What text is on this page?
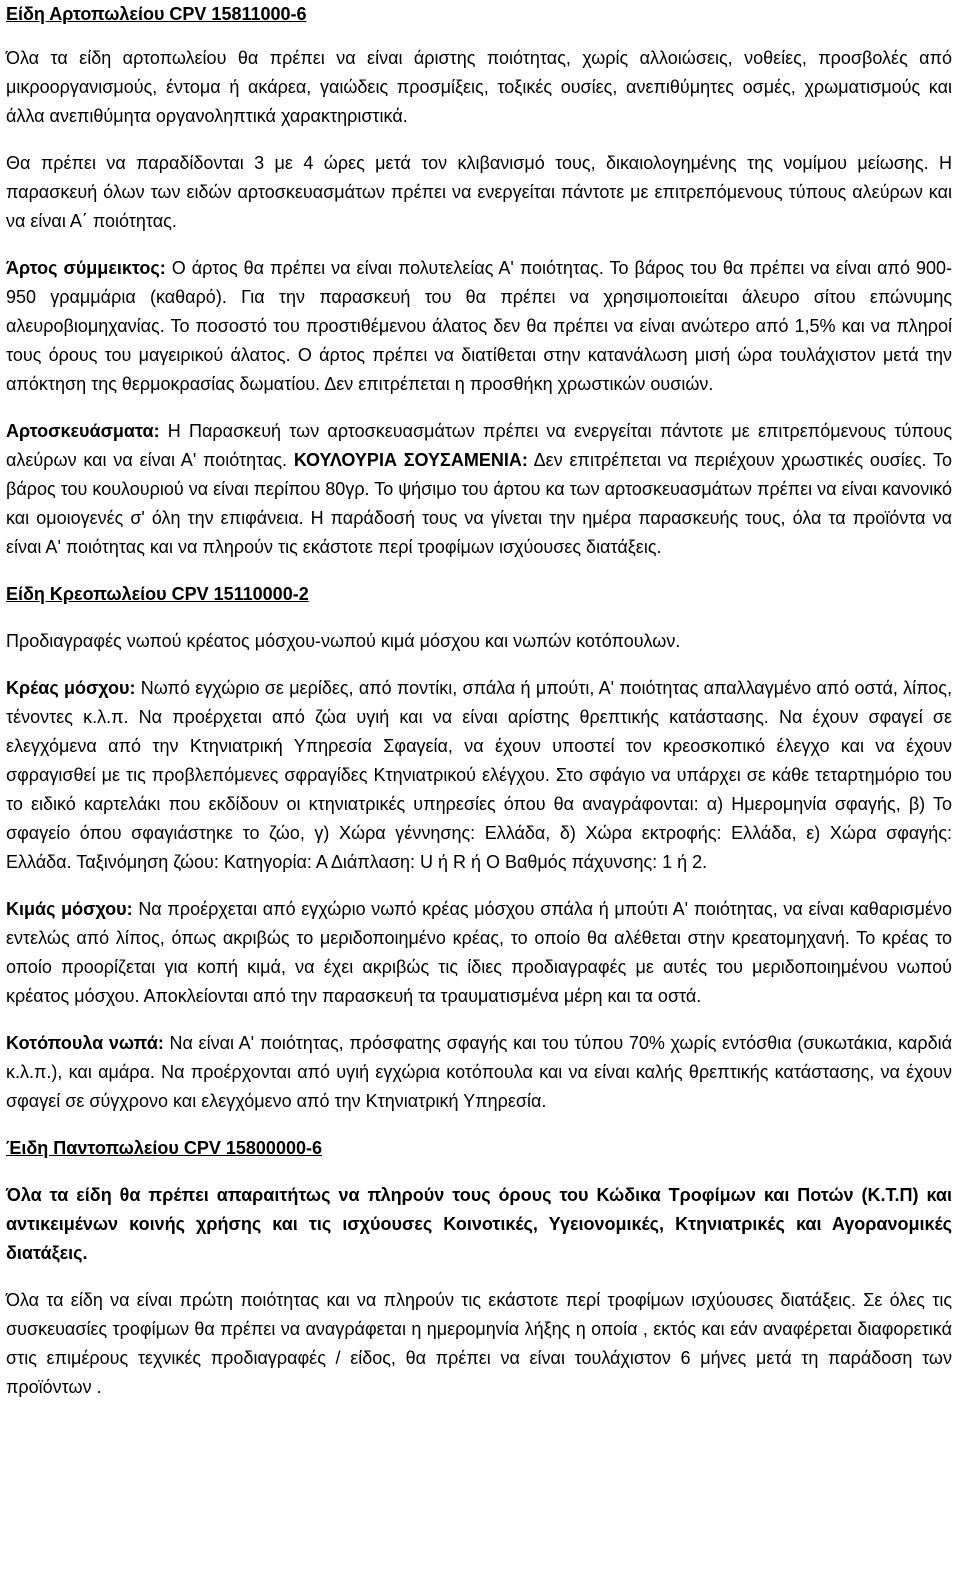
Είδη Αρτοπωλείου CPV 15811000-6

Όλα τα είδη αρτοπωλείου θα πρέπει να είναι άριστης ποιότητας, χωρίς αλλοιώσεις, νοθείες, προσβολές από μικροοργανισμούς, έντομα ή ακάρεα, γαιώδεις προσμίξεις, τοξικές ουσίες, ανεπιθύμητες οσμές, χρωματισμούς και άλλα ανεπιθύμητα οργανοληπτικά χαρακτηριστικά.

Θα πρέπει να παραδίδονται 3 με 4 ώρες μετά τον κλιβανισμό τους, δικαιολογημένης της νομίμου μείωσης. Η παρασκευή όλων των ειδών αρτοσκευασμάτων πρέπει να ενεργείται πάντοτε με επιτρεπόμενους τύπους αλεύρων και να είναι Α΄ ποιότητας.

Άρτος σύμμεικτος: Ο άρτος θα πρέπει να είναι πολυτελείας Α' ποιότητας. Το βάρος του θα πρέπει να είναι από 900-950 γραμμάρια (καθαρό). Για την παρασκευή του θα πρέπει να χρησιμοποιείται άλευρο σίτου επώνυμης αλευροβιομηχανίας. Το ποσοστό του προστιθέμενου άλατος δεν θα πρέπει να είναι ανώτερο από 1,5% και να πληροί τους όρους του μαγειρικού άλατος. Ο άρτος πρέπει να διατίθεται στην κατανάλωση μισή ώρα τουλάχιστον μετά την απόκτηση της θερμοκρασίας δωματίου. Δεν επιτρέπεται η προσθήκη χρωστικών ουσιών.

Αρτοσκευάσματα: Η Παρασκευή των αρτοσκευασμάτων πρέπει να ενεργείται πάντοτε με επιτρεπόμενους τύπους αλεύρων και να είναι Α' ποιότητας. ΚΟΥΛΟΥΡΙΑ ΣΟΥΣΑΜΕΝΙΑ: Δεν επιτρέπεται να περιέχουν χρωστικές ουσίες. Το βάρος του κουλουριού να είναι περίπου 80γρ. Το ψήσιμο του άρτου κα των αρτοσκευασμάτων πρέπει να είναι κανονικό και ομοιογενές σ' όλη την επιφάνεια. Η παράδοσή τους να γίνεται την ημέρα παρασκευής τους, όλα τα προϊόντα να είναι Α' ποιότητας και να πληρούν τις εκάστοτε περί τροφίμων ισχύουσες διατάξεις.

Είδη Κρεοπωλείου CPV 15110000-2

Προδιαγραφές νωπού κρέατος μόσχου-νωπού κιμά μόσχου και νωπών κοτόπουλων.

Κρέας μόσχου: Νωπό εγχώριο σε μερίδες, από ποντίκι, σπάλα ή μπούτι, Α' ποιότητας απαλλαγμένο από οστά, λίπος, τένοντες κ.λ.π. Να προέρχεται από ζώα υγιή και να είναι αρίστης θρεπτικής κατάστασης. Να έχουν σφαγεί σε ελεγχόμενα από την Κτηνιατρική Υπηρεσία Σφαγεία, να έχουν υποστεί τον κρεοσκοπικό έλεγχο και να έχουν σφραγισθεί με τις προβλεπόμενες σφραγίδες Κτηνιατρικού ελέγχου. Στο σφάγιο να υπάρχει σε κάθε τεταρτημόριο του το ειδικό καρτελάκι που εκδίδουν οι κτηνιατρικές υπηρεσίες όπου θα αναγράφονται: α) Ημερομηνία σφαγής, β) Το σφαγείο όπου σφαγιάστηκε το ζώο, γ) Χώρα γέννησης: Ελλάδα, δ) Χώρα εκτροφής: Ελλάδα, ε) Χώρα σφαγής: Ελλάδα. Ταξινόμηση ζώου: Κατηγορία: Α Διάπλαση: U ή R ή O Βαθμός πάχυνσης: 1 ή 2.

Κιμάς μόσχου: Να προέρχεται από εγχώριο νωπό κρέας μόσχου σπάλα ή μπούτι Α' ποιότητας, να είναι καθαρισμένο εντελώς από λίπος, όπως ακριβώς το μεριδοποιημένο κρέας, το οποίο θα αλέθεται στην κρεατομηχανή. Το κρέας το οποίο προορίζεται για κοπή κιμά, να έχει ακριβώς τις ίδιες προδιαγραφές με αυτές του μεριδοποιημένου νωπού κρέατος μόσχου. Αποκλείονται από την παρασκευή τα τραυματισμένα μέρη και τα οστά.

Κοτόπουλα νωπά: Να είναι Α' ποιότητας, πρόσφατης σφαγής και του τύπου 70% χωρίς εντόσθια (συκωτάκια, καρδιά κ.λ.π.), και αμάρα. Να προέρχονται από υγιή εγχώρια κοτόπουλα και να είναι καλής θρεπτικής κατάστασης, να έχουν σφαγεί σε σύγχρονο και ελεγχόμενο από την Κτηνιατρική Υπηρεσία.

Έιδη Παντοπωλείου CPV 15800000-6

Όλα τα είδη θα πρέπει απαραιτήτως να πληρούν τους όρους του Κώδικα Τροφίμων και Ποτών (Κ.Τ.Π) και αντικειμένων κοινής χρήσης και τις ισχύουσες Κοινοτικές, Υγειονομικές, Κτηνιατρικές και Αγορανομικές διατάξεις.

Όλα τα είδη να είναι πρώτη ποιότητας και να πληρούν τις εκάστοτε περί τροφίμων ισχύουσες διατάξεις. Σε όλες τις συσκευασίες τροφίμων θα πρέπει να αναγράφεται η ημερομηνία λήξης η οποία , εκτός και εάν αναφέρεται διαφορετικά στις επιμέρους τεχνικές προδιαγραφές / είδος, θα πρέπει να είναι τουλάχιστον 6 μήνες μετά τη παράδοση των προϊόντων .
